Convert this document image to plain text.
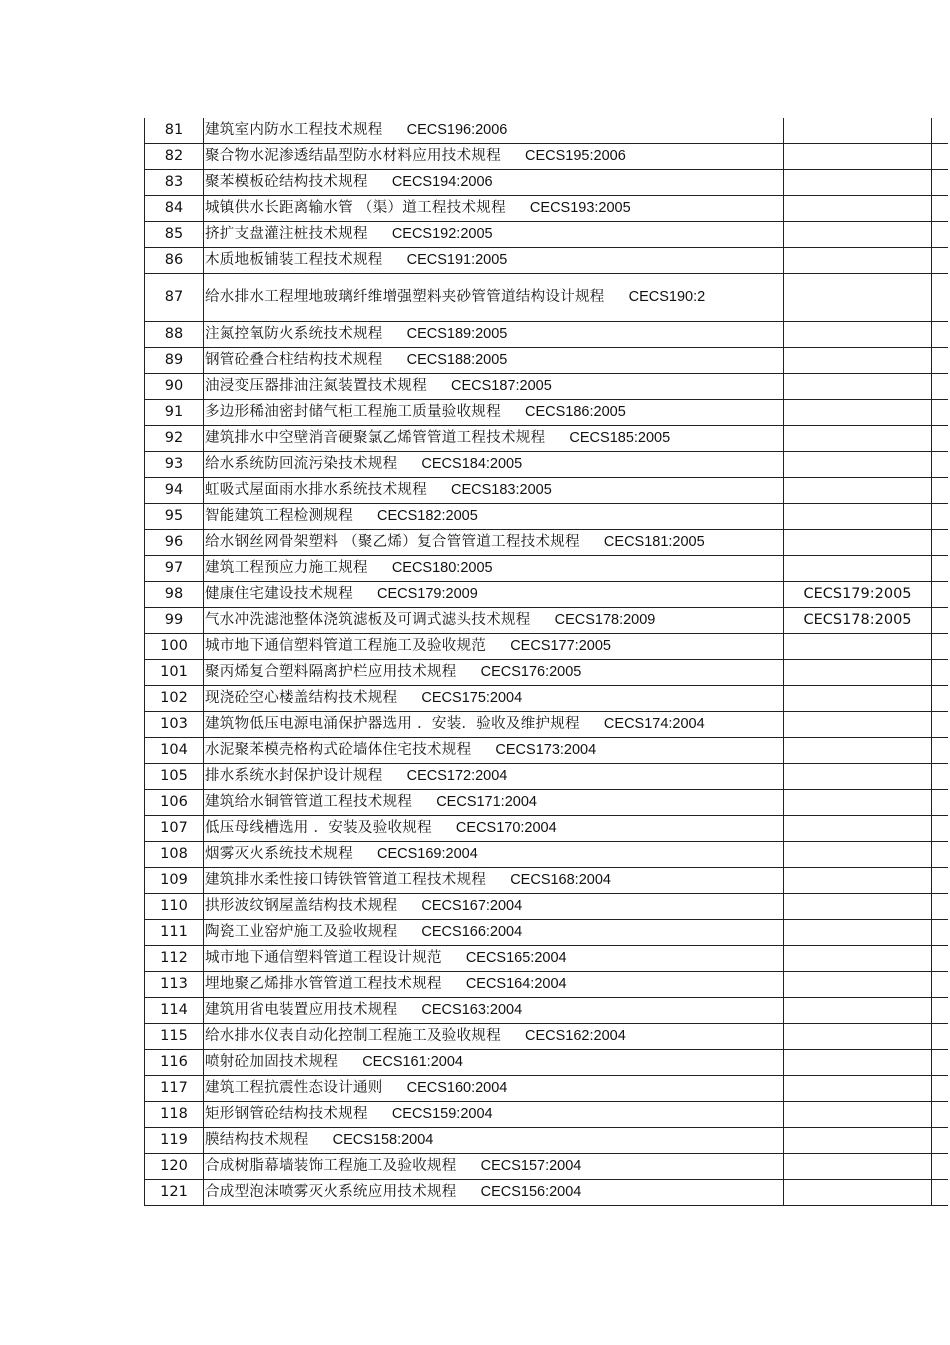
81	建筑室内防水工程技术规程 CECS196:2006		
82	聚合物水泥渗透结晶型防水材料应用技术规程 CECS195:2006		
83	聚苯模板砼结构技术规程 CECS194:2006		
84	城镇供水长距离输水管 （渠）道工程技术规程 CECS193:2005		
85	挤扩支盘灌注桩技术规程 CECS192:2005		
86	木质地板铺装工程技术规程 CECS191:2005		
87	给水排水工程埋地玻璃纤维增强塑料夹砂管管道结构设计规程 CECS190:2		
88	注氮控氧防火系统技术规程 CECS189:2005		
89	钢管砼叠合柱结构技术规程 CECS188:2005		
90	油浸变压器排油注氮装置技术规程 CECS187:2005		
91	多边形稀油密封储气柜工程施工质量验收规程 CECS186:2005		
92	建筑排水中空壁消音硬聚氯乙烯管管道工程技术规程 CECS185:2005		
93	给水系统防回流污染技术规程 CECS184:2005		
94	虹吸式屋面雨水排水系统技术规程 CECS183:2005		
95	智能建筑工程检测规程 CECS182:2005		
96	给水钢丝网骨架塑料 （聚乙烯）复合管管道工程技术规程 CECS181:2005		
97	建筑工程预应力施工规程 CECS180:2005		
98	健康住宅建设技术规程 CECS179:2009	CECS179:2005	
99	气水冲洗滤池整体浇筑滤板及可调式滤头技术规程 CECS178:2009	CECS178:2005	
100	城市地下通信塑料管道工程施工及验收规范 CECS177:2005		
101	聚丙烯复合塑料隔离护栏应用技术规程 CECS176:2005		
102	现浇砼空心楼盖结构技术规程 CECS175:2004		
103	建筑物低压电源电涌保护器选用 ．安装．验收及维护规程 CECS174:2004		
104	水泥聚苯模壳格构式砼墙体住宅技术规程 CECS173:2004		
105	排水系统水封保护设计规程 CECS172:2004		
106	建筑给水铜管管道工程技术规程 CECS171:2004		
107	低压母线槽选用 ．安装及验收规程 CECS170:2004		
108	烟雾灭火系统技术规程 CECS169:2004		
109	建筑排水柔性接口铸铁管管道工程技术规程 CECS168:2004		
110	拱形波纹钢屋盖结构技术规程 CECS167:2004		
111	陶瓷工业窑炉施工及验收规程 CECS166:2004		
112	城市地下通信塑料管道工程设计规范 CECS165:2004		
113	埋地聚乙烯排水管管道工程技术规程 CECS164:2004		
114	建筑用省电装置应用技术规程 CECS163:2004		
115	给水排水仪表自动化控制工程施工及验收规程 CECS162:2004		
116	喷射砼加固技术规程 CECS161:2004		
117	建筑工程抗震性态设计通则 CECS160:2004		
118	矩形钢管砼结构技术规程 CECS159:2004		
119	膜结构技术规程 CECS158:2004		
120	合成树脂幕墙装饰工程施工及验收规程 CECS157:2004		
121	合成型泡沫喷雾灭火系统应用技术规程 CECS156:2004		
